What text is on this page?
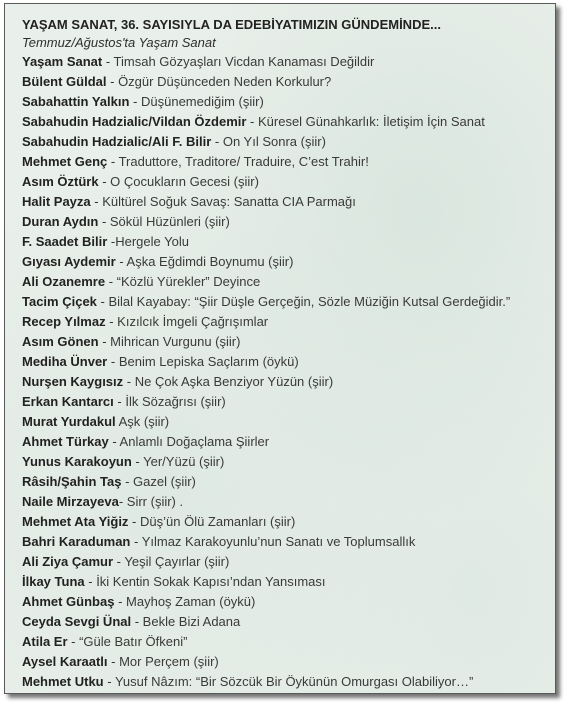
YAŞAM SANAT, 36. SAYISIYLA DA EDEBİYATIMIZIN GÜNDEMİNDE...
Temmuz/Ağustos'ta Yaşam Sanat
Yaşam Sanat - Timsah Gözyaşları Vicdan Kanaması Değildir
Bülent Güldal - Özgür Düşünceden Neden Korkulur?
Sabahattin Yalkın - Düşünemediğim (şiir)
Sabahudin Hadzialic/Vildan Özdemir - Küresel Günahkarlık: İletişim İçin Sanat
Sabahudin Hadzialic/Ali F. Bilir - On Yıl Sonra (şiir)
Mehmet Genç - Traduttore, Traditore/ Traduire, C’est Trahir!
Asım Öztürk - O Çocukların Gecesi (şiir)
Halit Payza - Kültürel Soğuk Savaş: Sanatta CIA Parmağı
Duran Aydın - Sökül Hüzünleri (şiir)
F. Saadet Bilir -Hergele Yolu
Gıyası Aydemir - Aşka Eğdimdi Boynumu (şiir)
Ali Ozanemre - “Közlü Yürekler” Deyince
Tacim Çiçek - Bilal Kayabay: “Şiir Düşle Gerçeğin, Sözle Müziğin Kutsal Gerdeğidir.”
Recep Yılmaz - Kızılcık İmgeli Çağrışımlar
Asım Gönen - Mihrican Vurgunu (şiir)
Mediha Ünver - Benim Lepiska Saçlarım (öykü)
Nurşen Kaygısız - Ne Çok Aşka Benziyor Yüzün (şiir)
Erkan Kantarcı - İlk Sözağrısı (şiir)
Murat Yurdakul Aşk (şiir)
Ahmet Türkay - Anlamlı Doğaçlama Şiirler
Yunus Karakoyun - Yer/Yüzü (şiir)
Râsih/Şahin Taş - Gazel (şiir)
Naile Mirzayeva- Sirr (şiir) .
Mehmet Ata Yiğiz - Düş’ün Ölü Zamanları (şiir)
Bahri Karaduman - Yılmaz Karakoyunlu’nun Sanatı ve Toplumsallık
Ali Ziya Çamur - Yeşil Çayırlar (şiir)
İlkay Tuna - İki Kentin Sokak Kapısı’ndan Yansıması
Ahmet Günbaş - Mayhoş Zaman (öykü)
Ceyda Sevgi Ünal - Bekle Bizi Adana
Atila Er - “Güle Batır Öfkeni”
Aysel Karaatlı - Mor Perçem (şiir)
Mehmet Utku - Yusuf Nâzım: “Bir Sözcük Bir Öykünün Omurgası Olabiliyor…”
